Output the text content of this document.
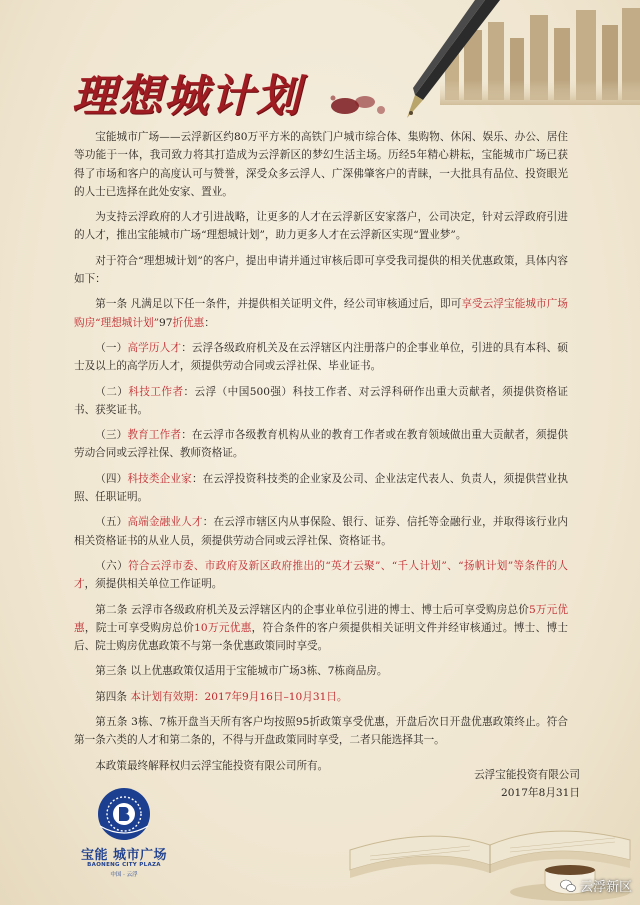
理想城计划

宝能城市广场——云浮新区约80万平方米的高铁门户城市综合体、集购物、休闲、娱乐、办公、居住等功能于一体，我司致力将其打造成为云浮新区的梦幻生活主场。历经5年精心耕耘，宝能城市广场已获得了市场和客户的高度认可与赞誉，深受众多云浮人、广深佛肇客户的青睐，一大批具有品位、投资眼光的人士已选择在此处安家、置业。

为支持云浮政府的人才引进战略，让更多的人才在云浮新区安家落户，公司决定，针对云浮政府引进的人才，推出宝能城市广场“理想城计划”，助力更多人才在云浮新区实现“置业梦”。

对于符合“理想城计划”的客户，提出申请并通过审核后即可享受我司提供的相关优惠政策，具体内容如下：

第一条 凡满足以下任一条件，并提供相关证明文件，经公司审核通过后，即可享受云浮宝能城市广场购房“理想城计划”97折优惠：

（一）高学历人才：云浮各级政府机关及在云浮辖区内注册落户的企事业单位，引进的具有本科、硕士及以上的高学历人才，须提供劳动合同或云浮社保、毕业证书。

（二）科技工作者：云浮（中国500强）科技工作者、对云浮科研作出重大贡献者，须提供资格证书、获奖证书。

（三）教育工作者：在云浮市各级教育机构从业的教育工作者或在教育领域做出重大贡献者，须提供劳动合同或云浮社保、教师资格证。

（四）科技类企业家：在云浮投资科技类的企业家及公司、企业法定代表人、负责人，须提供营业执照、任职证明。

（五）高端金融业人才：在云浮市辖区内从事保险、银行、证券、信托等金融行业，并取得该行业内相关资格证书的从业人员，须提供劳动合同或云浮社保、资格证书。

（六）符合云浮市委、市政府及新区政府推出的“英才云聚”、“千人计划”、“扬帆计划”等条件的人才，须提供相关单位工作证明。

第二条 云浮市各级政府机关及云浮辖区内的企事业单位引进的博士、博士后可享受购房总价5万元优惠，院士可享受购房总价10万元优惠，符合条件的客户须提供相关证明文件并经审核通过。博士、博士后、院士购房优惠政策不与第一条优惠政策同时享受。

第三条 以上优惠政策仅适用于宝能城市广场3栋、7栋商品房。

第四条 本计划有效期：2017年9月16日–10月31日。

第五条 3栋、7栋开盘当天所有客户均按照95折政策享受优惠，开盘后次日开盘优惠政策终止。符合第一条六类的人才和第二条的，不得与开盘政策同时享受，二者只能选择其一。

本政策最终解释权归云浮宝能投资有限公司所有。

云浮宝能投资有限公司
2017年8月31日
宝能 城市广场
BAONENG CITY PLAZA
中国 · 云浮
云浮新区
